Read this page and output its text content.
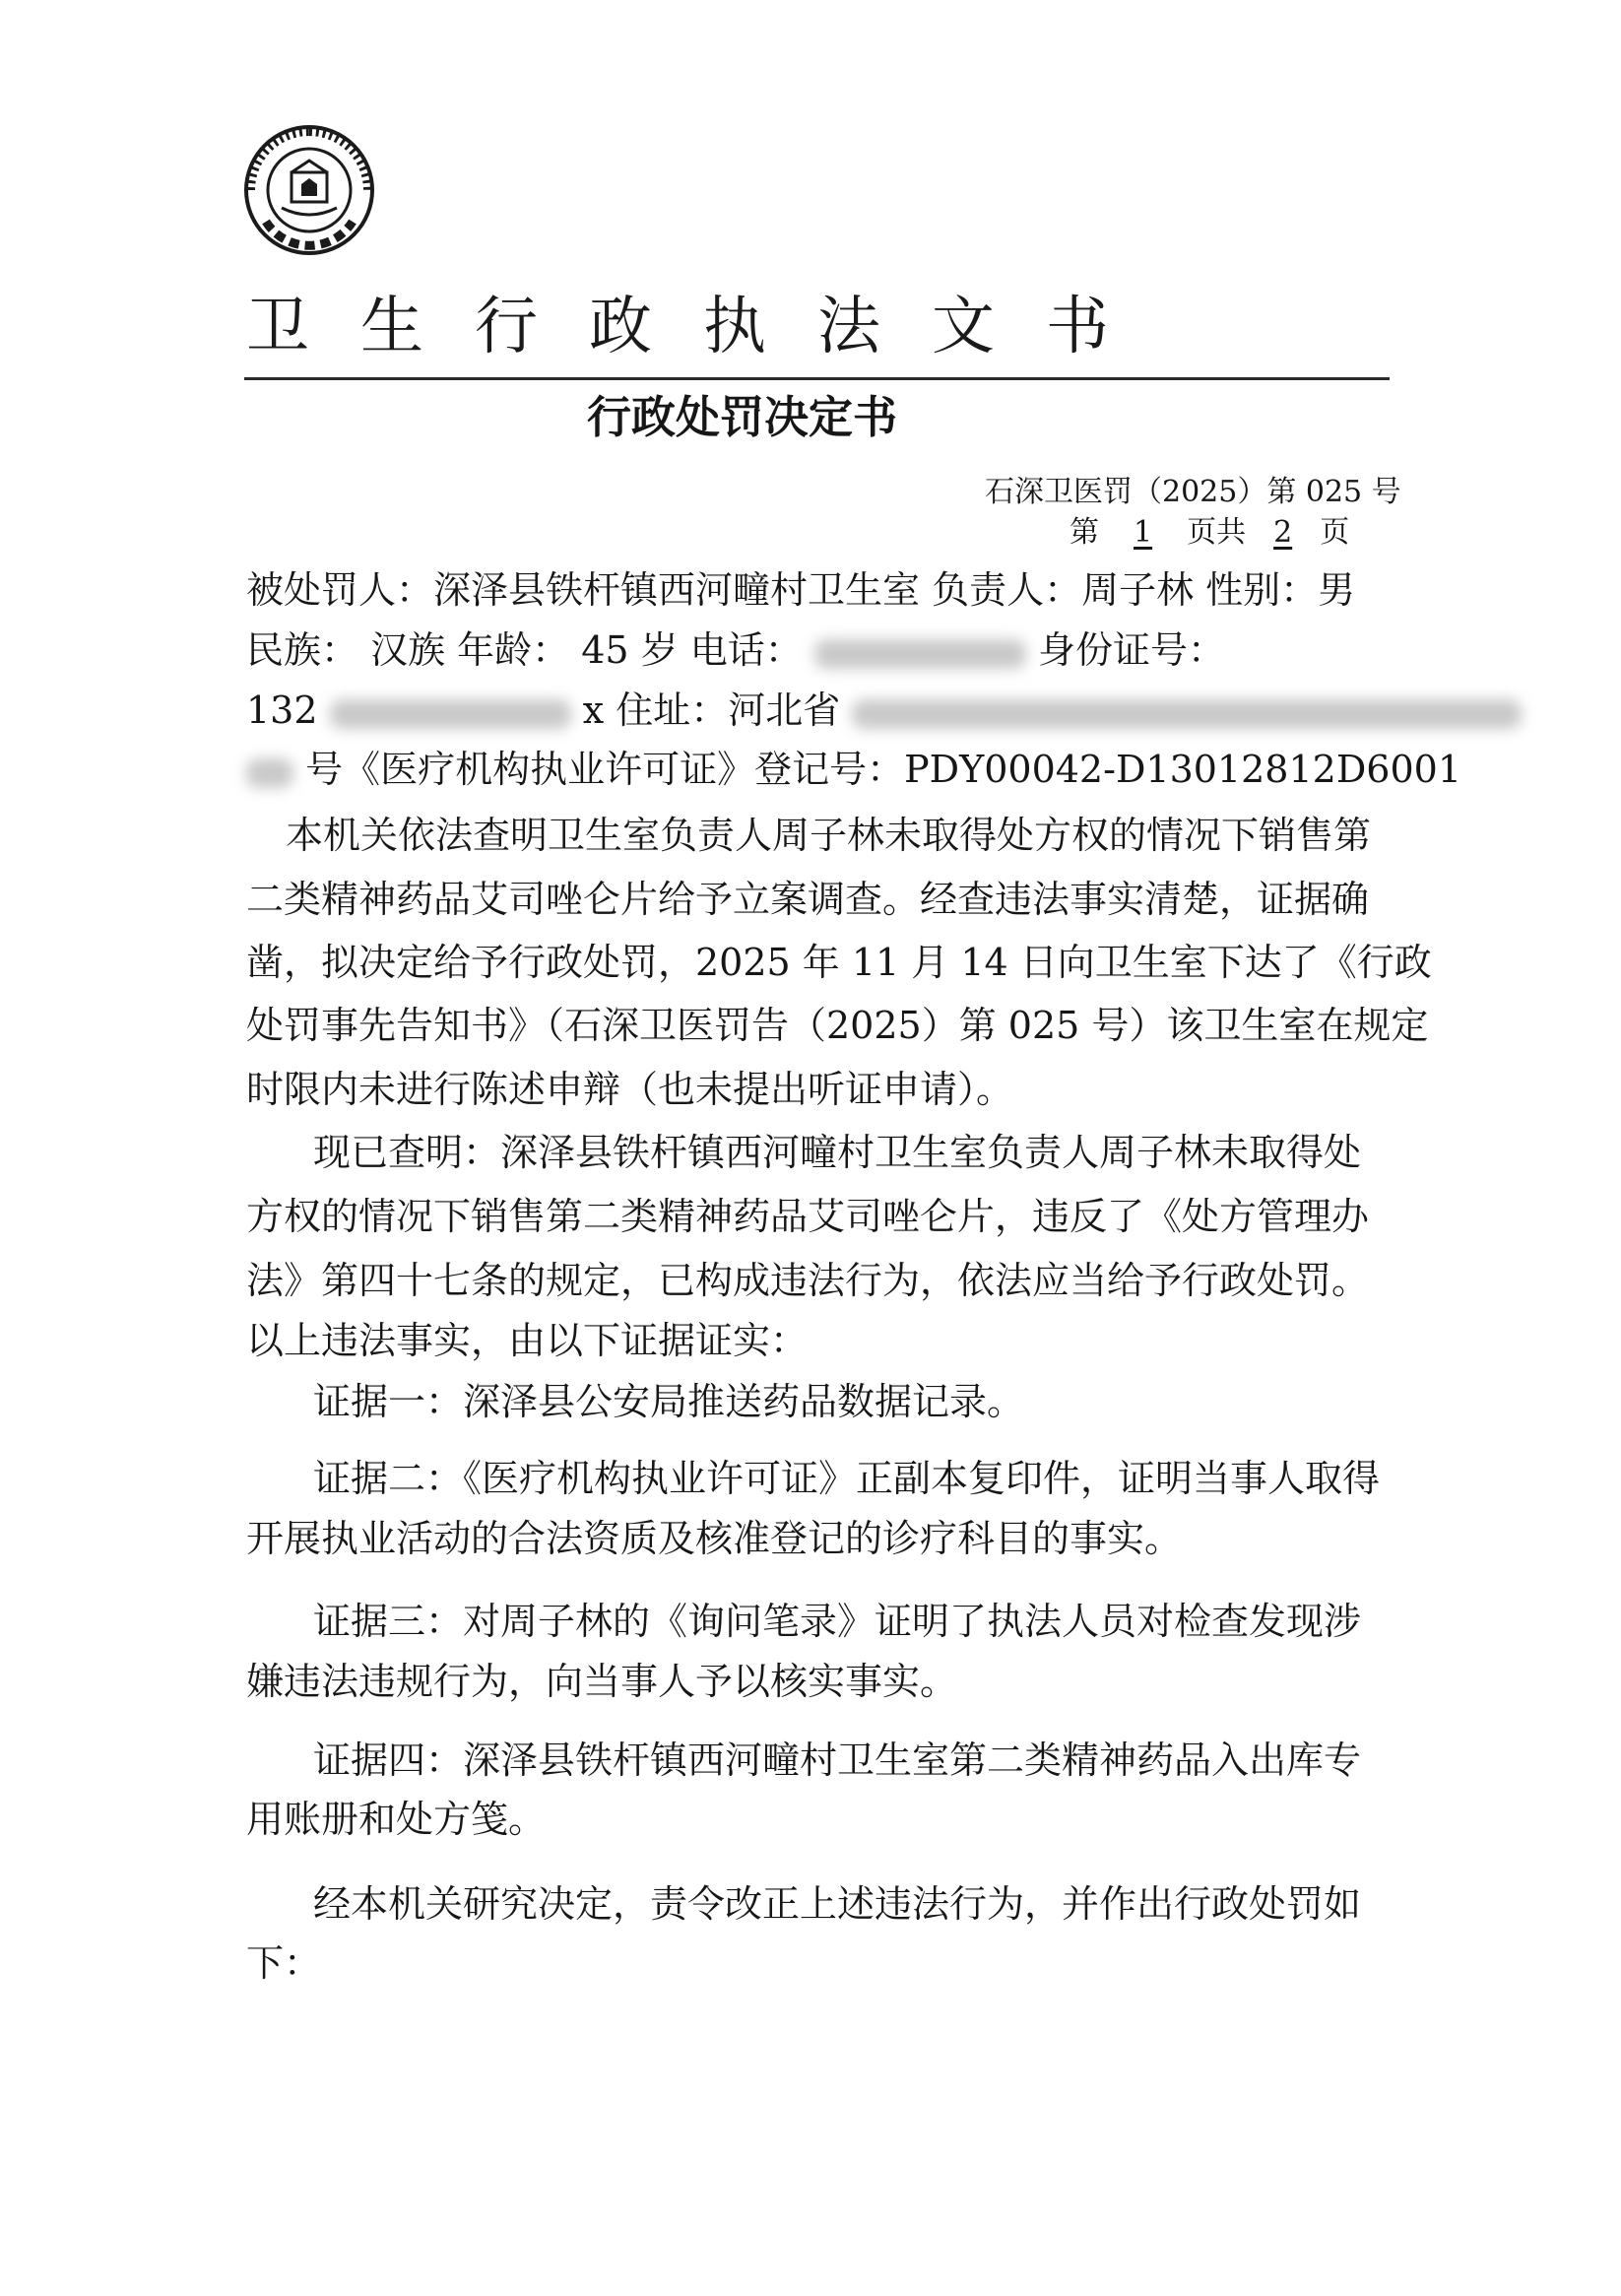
卫生行政执法文书
行政处罚决定书
石深卫医罚（2025）第 025 号
第 1 页共 2 页
被处罚人：深泽县铁杆镇西河疃村卫生室 负责人：周子林 性别：男
民族： 汉族 年龄： 45 岁 电话：	身份证号：
132	x 住址：河北省
号《医疗机构执业许可证》登记号：PDY00042-D13012812D6001
本机关依法查明卫生室负责人周子林未取得处方权的情况下销售第
二类精神药品艾司唑仑片给予立案调查。经查违法事实清楚，证据确
凿，拟决定给予行政处罚，2025 年 11 月 14 日向卫生室下达了《行政
处罚事先告知书》（石深卫医罚告（2025）第 025 号）该卫生室在规定
时限内未进行陈述申辩（也未提出听证申请）。
现已查明：深泽县铁杆镇西河疃村卫生室负责人周子林未取得处
方权的情况下销售第二类精神药品艾司唑仑片，违反了《处方管理办
法》第四十七条的规定，已构成违法行为，依法应当给予行政处罚。
以上违法事实，由以下证据证实：
证据一：深泽县公安局推送药品数据记录。
证据二：《医疗机构执业许可证》正副本复印件，证明当事人取得
开展执业活动的合法资质及核准登记的诊疗科目的事实。
证据三：对周子林的《询问笔录》证明了执法人员对检查发现涉
嫌违法违规行为，向当事人予以核实事实。
证据四：深泽县铁杆镇西河疃村卫生室第二类精神药品入出库专
用账册和处方笺。
经本机关研究决定，责令改正上述违法行为，并作出行政处罚如
下：
